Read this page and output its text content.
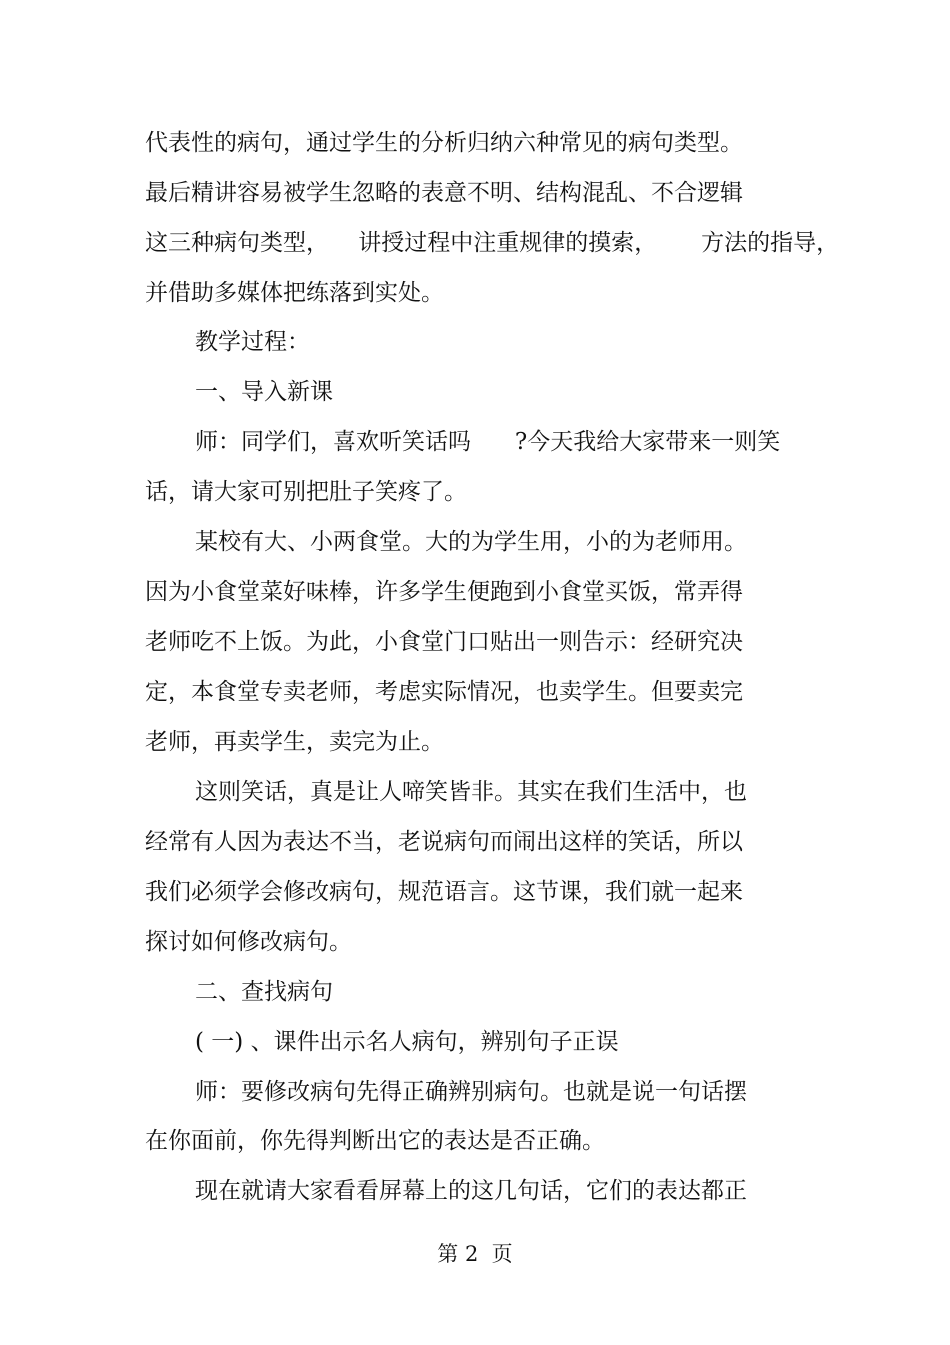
代表性的病句，通过学生的分析归纳六种常见的病句类型。

最后精讲容易被学生忽略的表意不明、结构混乱、不合逻辑

这三种病句类型，    讲授过程中注重规律的摸索，      方法的指导，

并借助多媒体把练落到实处。

教学过程：

一、导入新课

师：同学们，喜欢听笑话吗      ?今天我给大家带来一则笑

话，请大家可别把肚子笑疼了。

某校有大、小两食堂。大的为学生用，小的为老师用。

因为小食堂菜好味棒，许多学生便跑到小食堂买饭，常弄得

老师吃不上饭。为此，小食堂门口贴出一则告示：经研究决

定，本食堂专卖老师，考虑实际情况，也卖学生。但要卖完

老师，再卖学生，卖完为止。

这则笑话，真是让人啼笑皆非。其实在我们生活中，也

经常有人因为表达不当，老说病句而闹出这样的笑话，所以

我们必须学会修改病句，规范语言。这节课，我们就一起来

探讨如何修改病句。

二、查找病句

( 一) 、课件出示名人病句，辨别句子正误

师：要修改病句先得正确辨别病句。也就是说一句话摆

在你面前，你先得判断出它的表达是否正确。

现在就请大家看看屏幕上的这几句话，它们的表达都正

第 2  页
